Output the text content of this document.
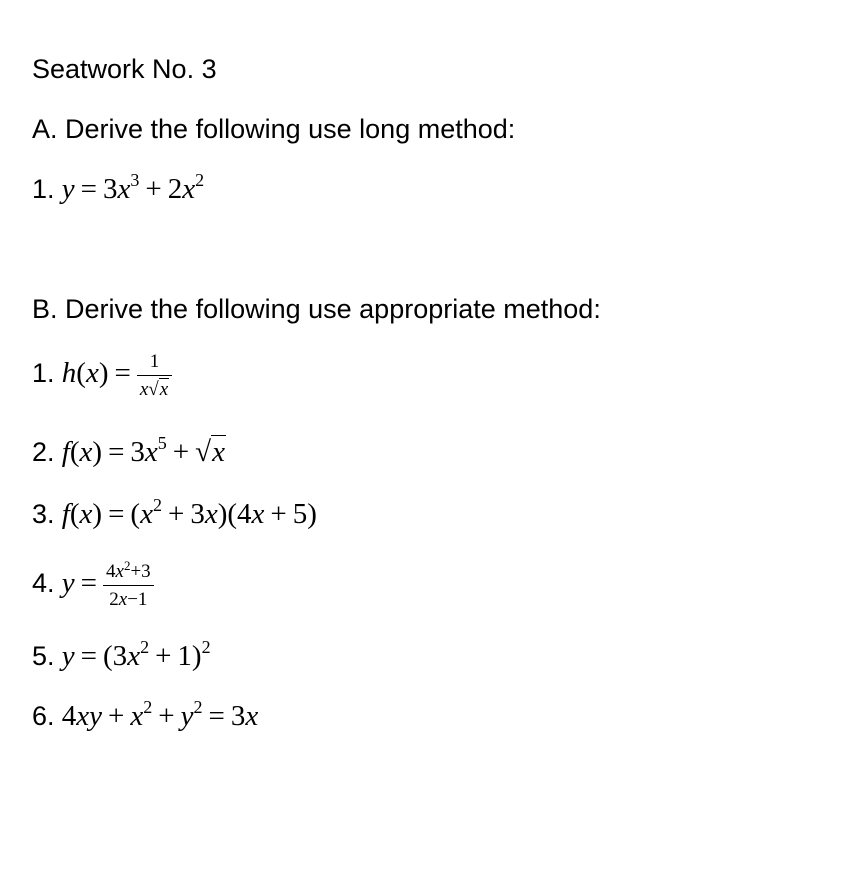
Seatwork No. 3
A. Derive the following use long method:
1. $y = 3x^3 + 2x^2$
B. Derive the following use appropriate method:
1. $h(x) = \frac{1}{x√x}$
2. $f(x) = 3x^5 + √x$
3. $f(x) = (x^2 + 3x)(4x + 5)$
4. $y = \frac{4x^2+3}{2x-1}$
5. $y = (3x^2 + 1)^2$
6. $4xy + x^2 + y^2 = 3x$
